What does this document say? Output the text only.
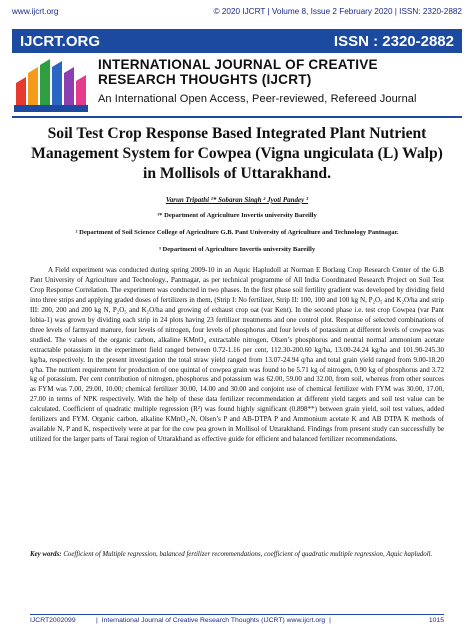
www.ijcrt.org	© 2020 IJCRT | Volume 8, Issue 2 February 2020 | ISSN: 2320-2882
IJCRT.ORG	ISSN : 2320-2882
INTERNATIONAL JOURNAL OF CREATIVE
RESEARCH THOUGHTS (IJCRT)
An International Open Access, Peer-reviewed, Refereed Journal
Soil Test Crop Response Based Integrated Plant Nutrient Management System for Cowpea (Vigna ungiculata (L) Walp) in Mollisols of Uttarakhand.
Varun Tripathi ¹* Sobaran Singh ² Jyoti Pandey ³
¹* Department of Agriculture Invertis university Bareilly
² Department of Soil Science College of Agriculture G.B. Pant University of Agriculture and Technology Pantnagar.
³ Department of Agriculture Invertis university Bareilly

A Field experiment was conducted during spring 2009-10 in an Aquic Hapludoll at Norman E Borlaug Crop Research Center of the G.B Pant University of Agriculture and Technology., Pantnagar, as per technical programme of All India Coordinated Research Project on Soil Test Crop Response Correlation. The experiment was conducted in two phases. In the first phase soil fertility gradient was developed by dividing field into three strips and applying graded doses of fertilizers in them, (Strip I: No fertilizer, Strip II: 100, 100 and 100 kg N, P₂O₅ and K₂O/ha and strip III: 200, 200 and 200 kg N, P₂O₅ and K₂O/ha and growing of exhaust crop oat (var Kent). In the second phase i.e. test crop Cowpea (var Pant lobia-1) was grown by dividing each strip in 24 plots having 23 fertilizer treatments and one control plot. Response of selected combinations of three levels of farmyard manure, four levels of nitrogen, four levels of phosphorus and four levels of potassium at different levels of cowpea was studied. The values of the organic carbon, alkaline KMnO₄ extractable nitrogen, Olsen’s phosphorus and neutral normal ammonium acetate extractable potassium in the experiment field ranged between 0.72-1.16 per cent, 112.30-200.60 kg/ha, 13.00-24.24 kg/ha and 101.90-245.30 kg/ha, respectively. In the present investigation the total straw yield ranged from 13.07-24.94 q/ha and total grain yield ranged from 9.00-18.20 q/ha. The nutrient requirement for production of one quintal of cowpea grain was found to be 5.71 kg of nitrogen, 0.90 kg of phosphorus and 3.72 kg of potassium. Per cent contribution of nitrogen, phosphorus and potassium was 62.00, 59.00 and 32.00, from soil, whereas from other sources as FYM was 7.00, 29.00, 10.00; chemical fertilizer 30.00, 14.00 and 30.00 and conjoint use of chemical fertilizer with FYM was 30.00, 17.00, 27.00 in terms of NPK respectively. With the help of these data fertilizer recommendation at different yield targets and soil test value can be calculated. Coefficient of quadratic multiple regression (R²) was found highly significant (0.898**) between grain yield, soil test values, added fertilizers and FYM. Organic carbon, alkaline KMnO₄-N, Olsen’s P and AB-DTPA P and Ammonium acetate K and AB DTPA K methods of available N, P and K, respectively were at par for the cow pea grown in Mollisol of Uttarakhand. Findings from present study can successfully be utilized for the larger parts of Tarai region of Uttarakhand as effective guide for efficient and balanced fertilizer recommendations.

Key words: Coefficient of Multiple regression, balanced fertilizer recommendations, coefficient of quadratic multiple regression, Aquic hapludoll.
IJCRT2002099	| International Journal of Creative Research Thoughts (IJCRT) www.ijcrt.org |	1015
